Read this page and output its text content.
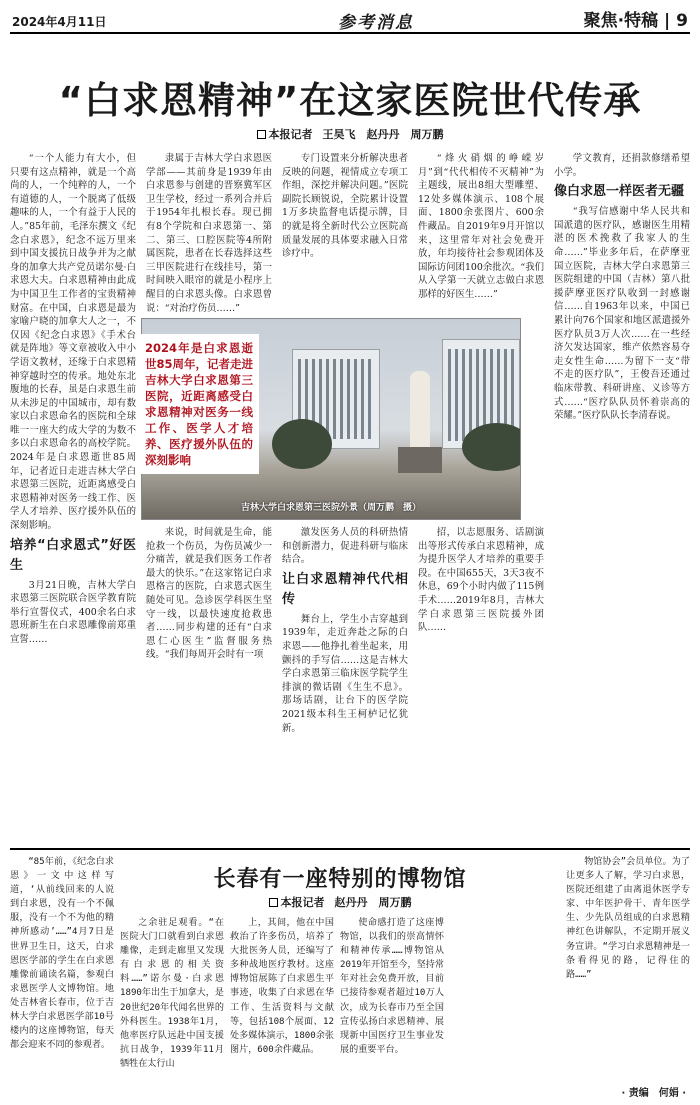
2024年4月11日	参考消息	聚焦·特稿 | 9
“白求恩精神”在这家医院世代传承
本报记者 王昊飞　赵丹丹　周万鹏

“一个人能力有大小，但只要有这点精神，就是一个高尚的人，一个纯粹的人，一个有道德的人，一个脱离了低级趣味的人，一个有益于人民的人。”85年前，毛泽东撰文《纪念白求恩》，纪念不远万里来到中国支援抗日战争并为之献身的加拿大共产党员诺尔曼·白求恩大夫。白求恩精神由此成为中国卫生工作者的宝贵精神财富。在中国，白求恩是最为家喻户晓的加拿大人之一，不仅因《纪念白求恩》《手术台就是阵地》等文章被收入中小学语文教材，还缘于白求恩精神穿越时空的传承。地处东北腹地的长春，虽是白求恩生前从未涉足的中国城市，却有数家以白求恩命名的医院和全球唯一一座大约成大学的为数不多以白求恩命名的高校学院。2024年是白求恩逝世85周年，记者近日走进吉林大学白求恩第三医院，近距离感受白求恩精神对医务一线工作、医学人才培养、医疗援外队伍的深刻影响。

培养“白求恩式”好医生

3月21日晚，吉林大学白求恩第三医院联合医学教育院举行宣誓仪式，400余名白求恩班新生在白求恩雕像前郑重宣誓……

隶属于吉林大学白求恩医学部——其前身是1939年由白求恩参与创建的晋察冀军区卫生学校，经过一系列合并后于1954年扎根长春。现已拥有8个学院和白求恩第一、第二、第三、口腔医院等4所附属医院，患者在长春选择这些三甲医院进行在线挂号，第一时间映入眼帘的就是小程序上醒目的白求恩头像。白求恩曾说：“对治疗伤员……”

来说，时间就是生命，能抢救一个伤员，为伤员减少一分痛苦，就是我们医务工作者最大的快乐。”在这家铭记白求恩格言的医院，白求恩式医生随处可见。急诊医学科医生坚守一线，以最快速度抢救患者……同步构建的还有“白求恩仁心医生”监督服务热线。“我们每周开会时有一项

专门设置来分析解决患者反映的问题，视情成立专项工作组，深挖并解决问题。”医院副院长顾锐说，全院累计设置1万多块监督电话提示牌，目的就是将全新时代公立医院高质量发展的具体要求融入日常诊疗中。

激发医务人员的科研热情和创新潜力，促进科研与临床结合。

让白求恩精神代代相传

舞台上，学生小吉穿越到1939年，走近奔赴之际的白求恩——他挣扎着坐起来，用颤抖的手写信……这是吉林大学白求恩第三临床医学院学生排演的微话剧《生生不息》。那场话剧，让台下的医学院2021级本科生王柯栌记忆犹新。

“烽火硝烟的峥嵘岁月”到“代代相传不灭精神”为主题线，展出8组大型雕塑、12处多媒体演示、108个展面、1800余张图片、600余件藏品。自2019年9月开馆以来，这里常年对社会免费开放，年均接待社会参观团体及国际访问团100余批次。“我们从入学第一天就立志做白求恩那样的好医生……”

招，以志愿服务、话剧演出等形式传承白求恩精神，成为提升医学人才培养的重要手段。在中国655天，3天3夜不休息，69个小时内做了115例手术……2019年8月，吉林大学白求恩第三医院援外团队……

学文教育，还捐款修缮希望小学。

像白求恩一样医者无疆

“我写信感谢中华人民共和国派遣的医疗队，感谢医生用精湛的医术挽救了我家人的生命……”毕业多年后，在萨摩亚国立医院，吉林大学白求恩第三医院组建的中国（吉林）第八批援萨摩亚医疗队收到一封感谢信……自1963年以来，中国已累计向76个国家和地区派遣援外医疗队员3万人次……在一些经济欠发达国家，维产依然容易夺走女性生命……为留下一支“带不走的医疗队”，王俊吾还通过临床带教、科研讲座、义诊等方式……“医疗队队员怀着崇高的荣耀。”医疗队队长李清春说。

吉林大学白求恩第三医院外景（周万鹏　摄）
2024年是白求恩逝世85周年，记者走进吉林大学白求恩第三医院，近距离感受白求恩精神对医务一线工作、医学人才培养、医疗援外队伍的深刻影响
长春有一座特别的博物馆
本报记者 赵丹丹　周万鹏

“85年前，《纪念白求恩》一文中这样写道，‘从前线回来的人说到白求恩，没有一个不佩服，没有一个不为他的精神所感动’……”4月7日是世界卫生日，这天，白求恩医学部的学生在白求恩雕像前诵读名篇，参观白求恩医学人文博物馆。地处吉林省长春市，位于吉林大学白求恩医学部10号楼内的这座博物馆，每天都会迎来不同的参观者。

之余驻足观看。“在医院大门口就看到白求恩雕像，走到走廊里又发现有白求恩的相关资料……”诺尔曼·白求恩1890年出生于加拿大，是20世纪20年代闻名世界的外科医生。1938年1月，他率医疗队远赴中国支援抗日战争，1939年11月牺牲在太行山

上，其间，他在中国救治了许多伤员，培养了大批医务人员，还编写了多种战地医疗教材。这座博物馆展陈了白求恩生平事迹，收集了白求恩在华工作、生活资料与文献等，包括108个展面、12处多媒体演示，1800余张图片，600余件藏品。

使命感打造了这座博物馆，以我们的崇高情怀和精神传承……博物馆从2019年开馆至今，坚持常年对社会免费开放，目前已接待参观者超过10万人次，成为长春市乃至全国宣传弘扬白求恩精神、展现新中国医疗卫生事业发展的重要平台。

物馆协会”会员单位。为了让更多人了解，学习白求恩，医院还组建了由离退休医学专家、中年医护骨干、青年医学生、少先队员组成的白求恩精神红色讲解队，不定期开展义务宣讲。“学习白求恩精神是一条看得见的路，记得住的路……”

· 责编　何娟 ·
